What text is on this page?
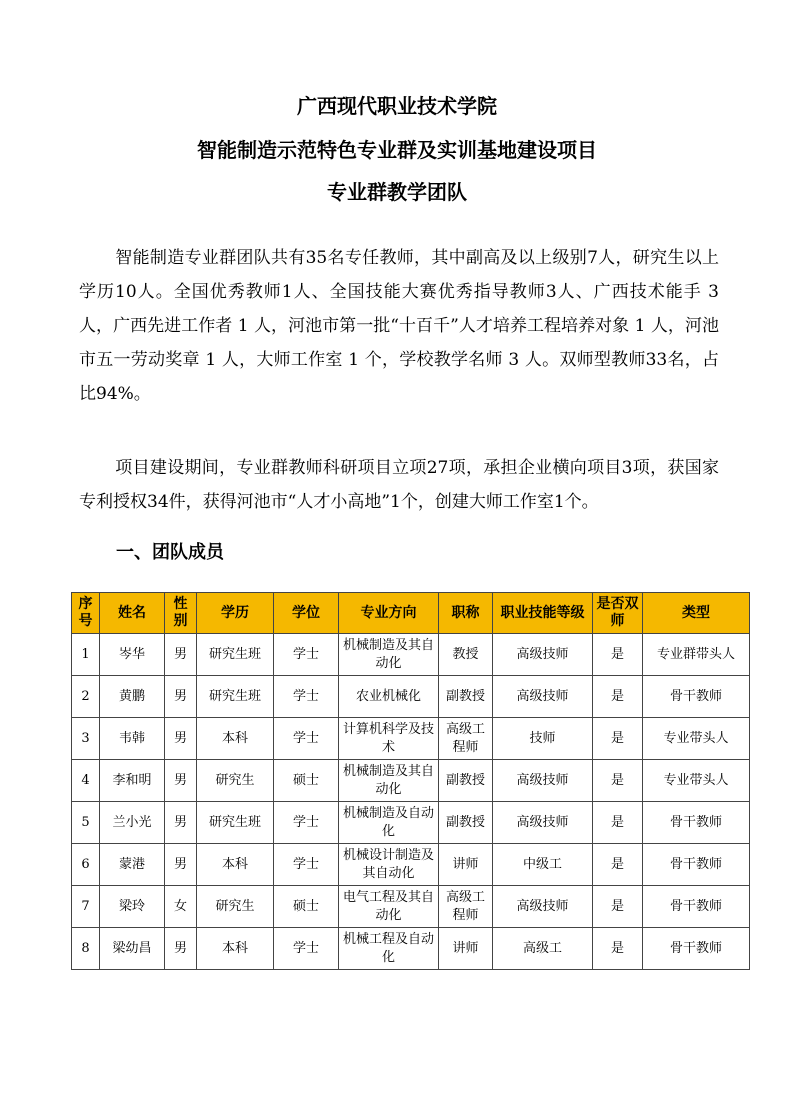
广西现代职业技术学院
智能制造示范特色专业群及实训基地建设项目
专业群教学团队

智能制造专业群团队共有35名专任教师，其中副高及以上级别7人，研究生以上学历10人。全国优秀教师1人、全国技能大赛优秀指导教师3人、广西技术能手 3 人，广西先进工作者 1 人，河池市第一批“十百千”人才培养工程培养对象 1 人，河池市五一劳动奖章 1 人，大师工作室 1 个，学校教学名师 3 人。双师型教师33名，占比94%。

项目建设期间，专业群教师科研项目立项27项，承担企业横向项目3项，获国家专利授权34件，获得河池市“人才小高地”1个，创建大师工作室1个。

一、团队成员
序号	姓名	性别	学历	学位	专业方向	职称	职业技能等级	是否双师	类型
1	岑华	男	研究生班	学士	机械制造及其自动化	教授	高级技师	是	专业群带头人
2	黄鹏	男	研究生班	学士	农业机械化	副教授	高级技师	是	骨干教师
3	韦韩	男	本科	学士	计算机科学及技术	高级工程师	技师	是	专业带头人
4	李和明	男	研究生	硕士	机械制造及其自动化	副教授	高级技师	是	专业带头人
5	兰小光	男	研究生班	学士	机械制造及自动化	副教授	高级技师	是	骨干教师
6	蒙港	男	本科	学士	机械设计制造及其自动化	讲师	中级工	是	骨干教师
7	梁玲	女	研究生	硕士	电气工程及其自动化	高级工程师	高级技师	是	骨干教师
8	梁幼昌	男	本科	学士	机械工程及自动化	讲师	高级工	是	骨干教师
